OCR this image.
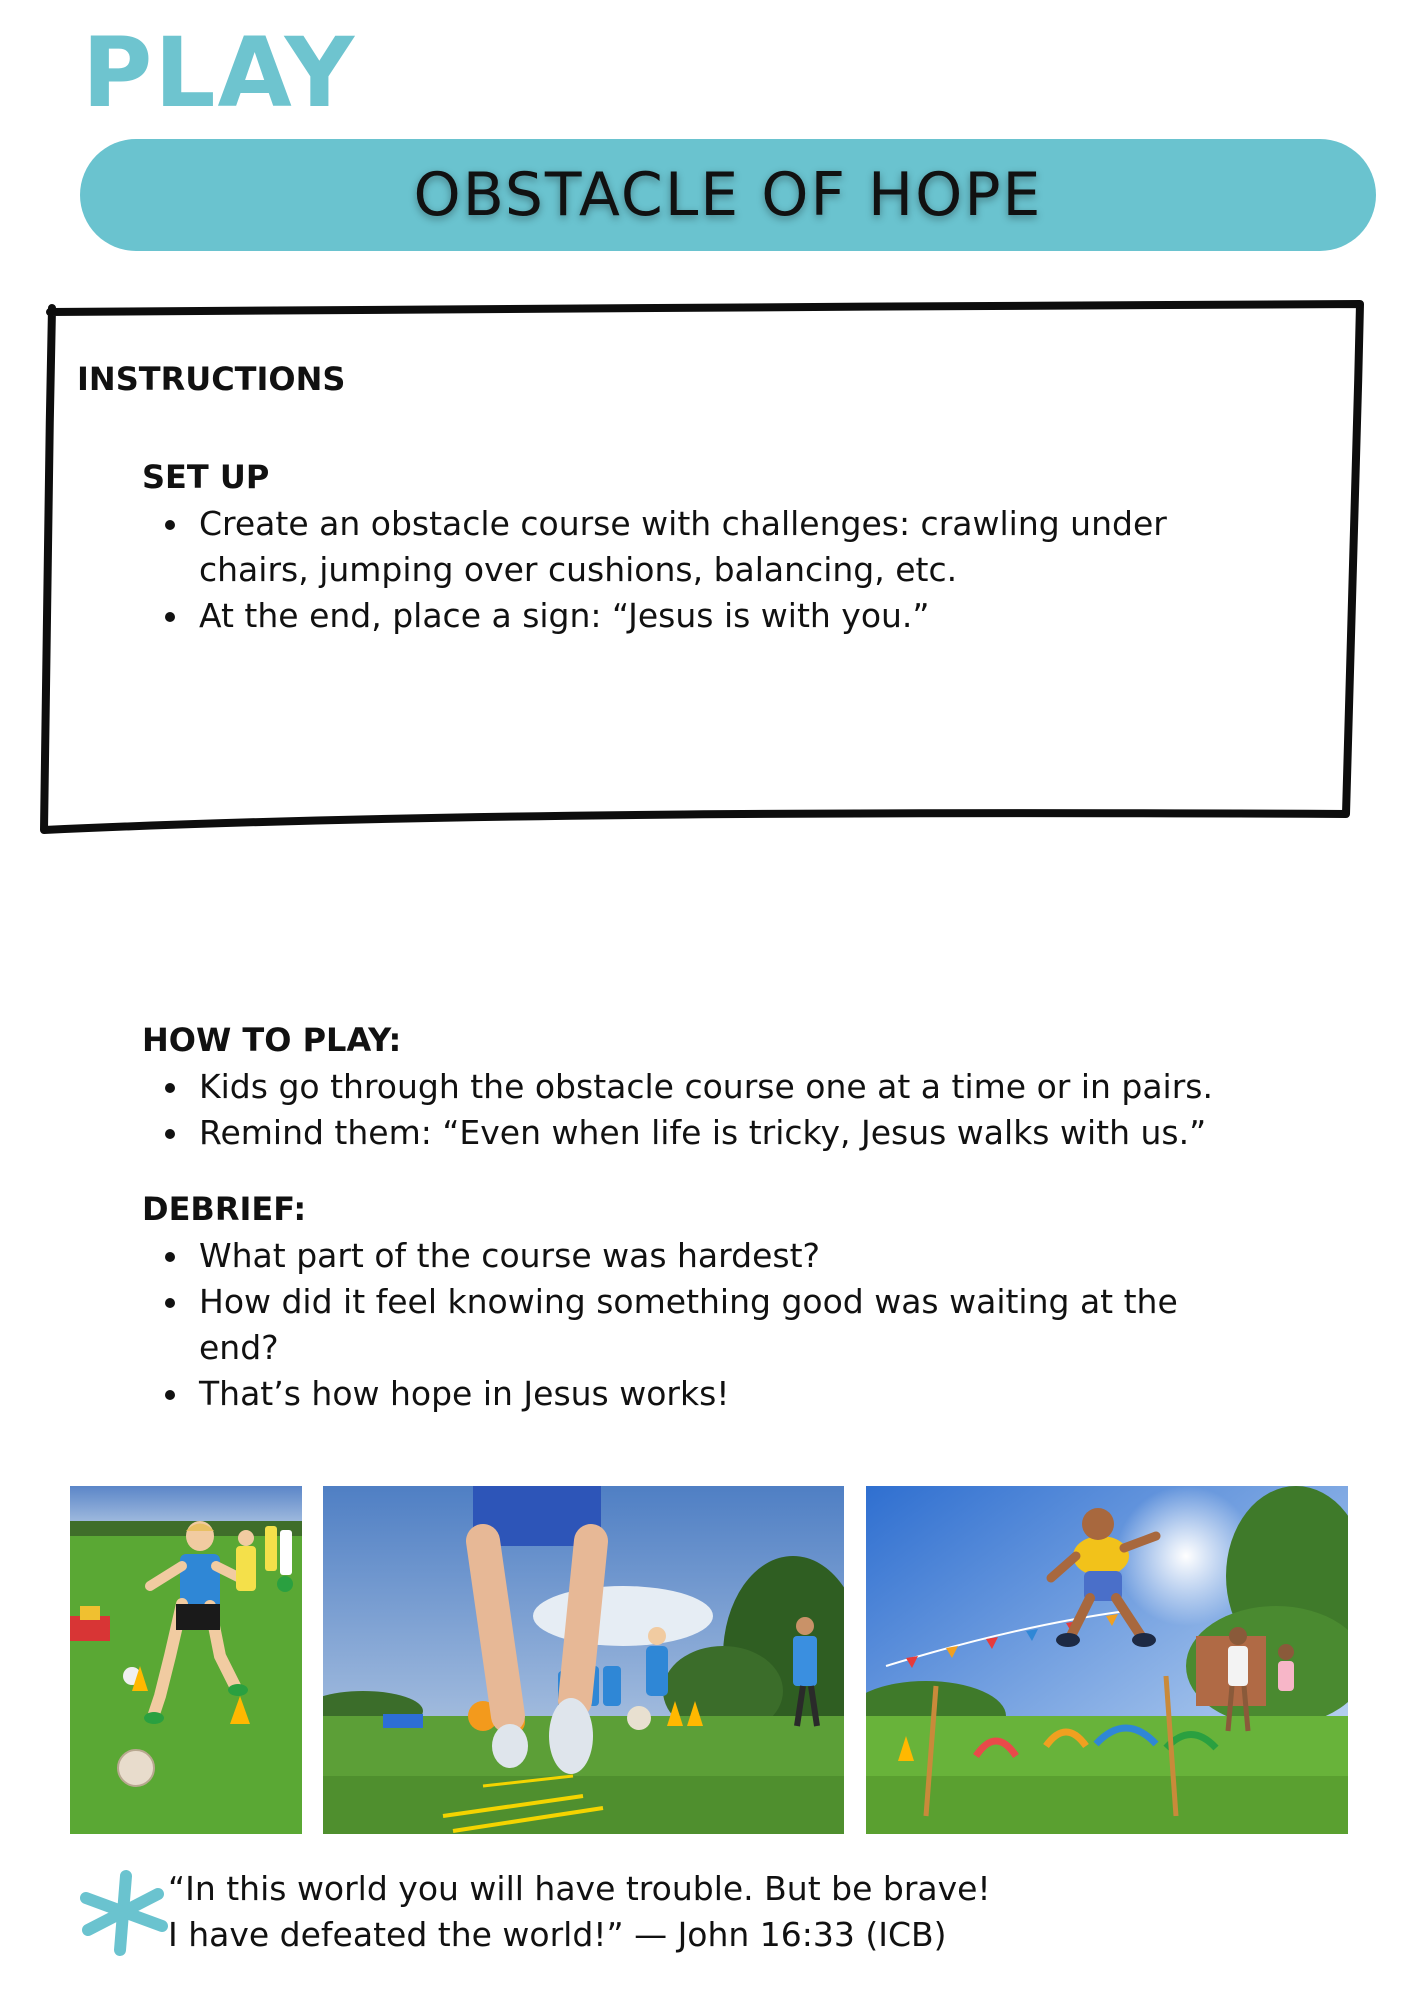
PLAY
OBSTACLE OF HOPE
INSTRUCTIONS
SET UP
Create an obstacle course with challenges: crawling under chairs, jumping over cushions, balancing, etc.
At the end, place a sign: “Jesus is with you.”
HOW TO PLAY:
Kids go through the obstacle course one at a time or in pairs.
Remind them: “Even when life is tricky, Jesus walks with us.”
DEBRIEF:
What part of the course was hardest?
How did it feel knowing something good was waiting at the end?
That’s how hope in Jesus works!
“In this world you will have trouble. But be brave!
I have defeated the world!” — John 16:33 (ICB)
